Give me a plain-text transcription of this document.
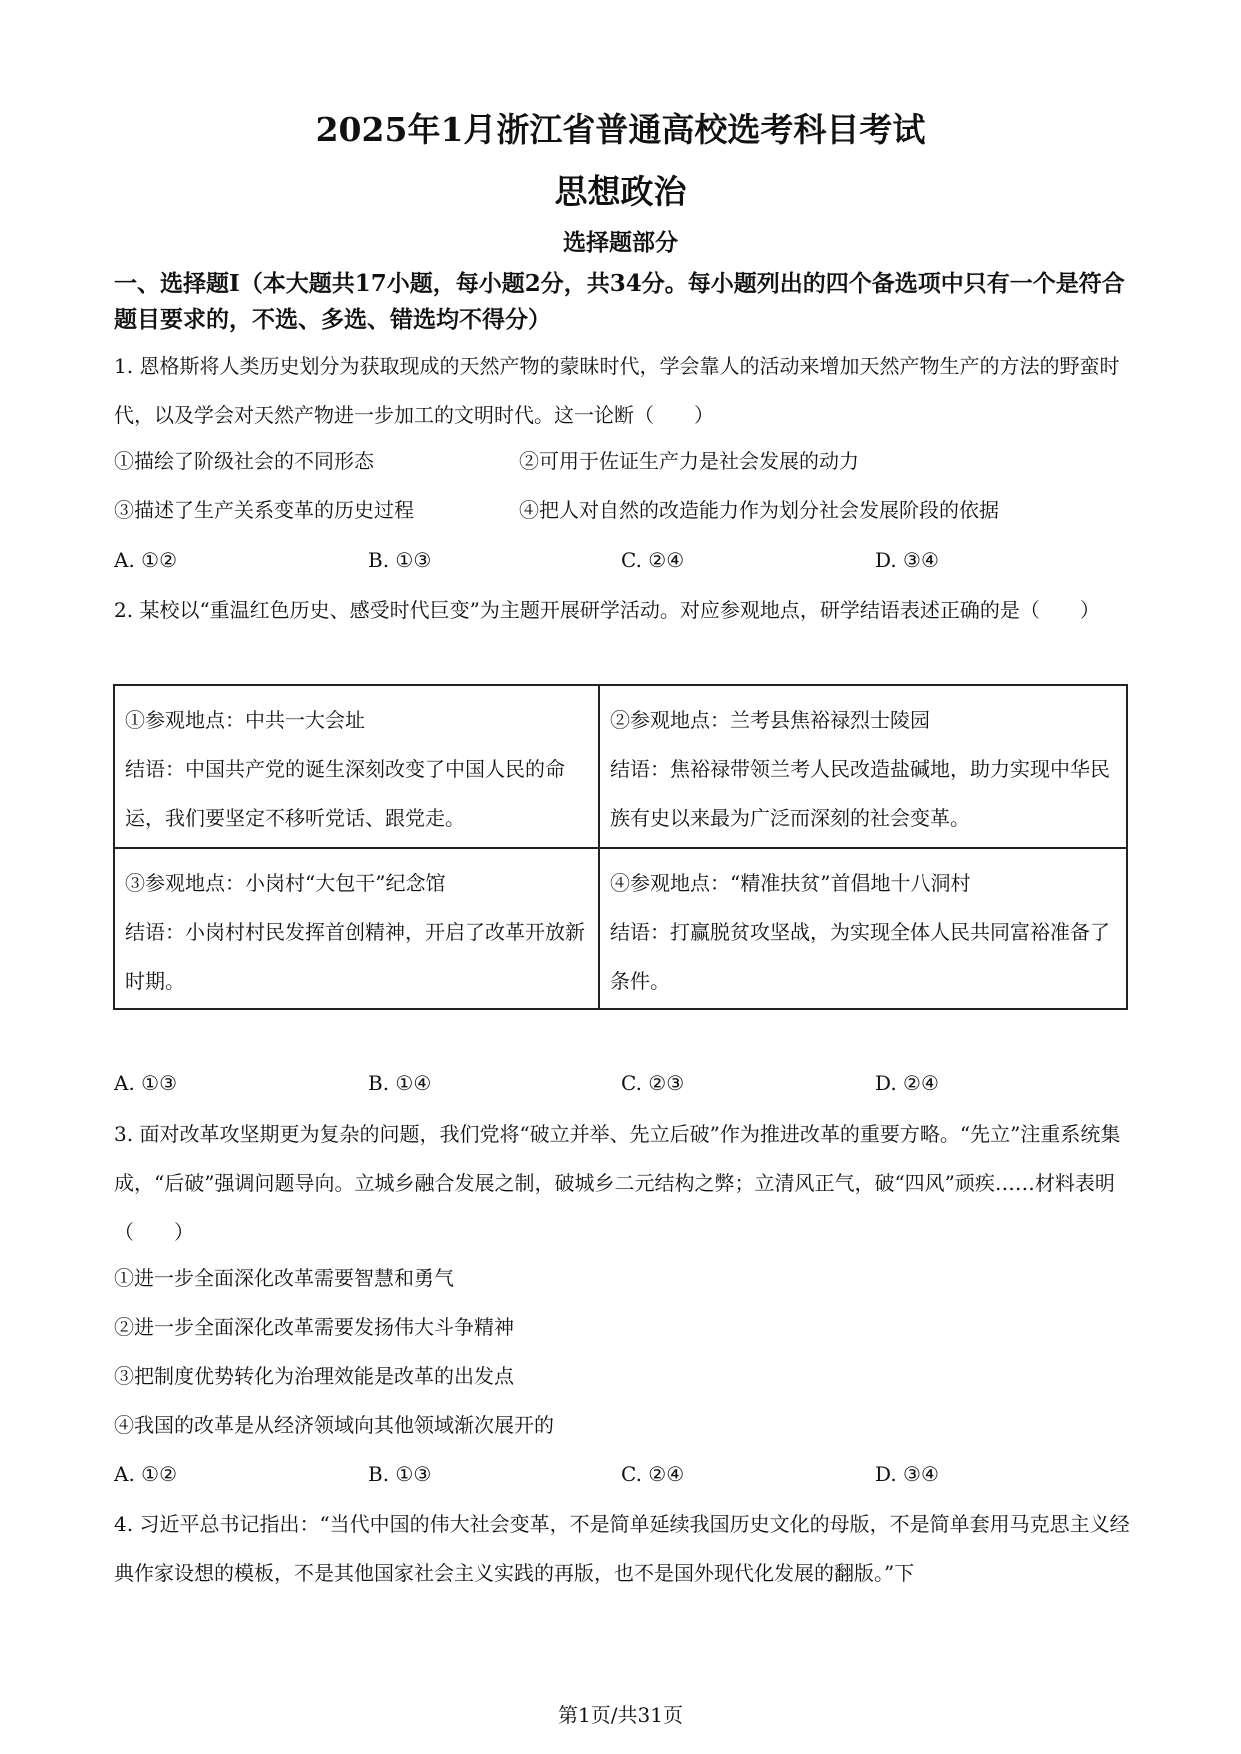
2025年1月浙江省普通高校选考科目考试
思想政治
选择题部分
一、选择题Ⅰ（本大题共17小题，每小题2分，共34分。每小题列出的四个备选项中只有一个是符合题目要求的，不选、多选、错选均不得分）
1. 恩格斯将人类历史划分为获取现成的天然产物的蒙昧时代，学会靠人的活动来增加天然产物生产的方法的野蛮时代，以及学会对天然产物进一步加工的文明时代。这一论断（　　）
①描绘了阶级社会的不同形态	②可用于佐证生产力是社会发展的动力
③描述了生产关系变革的历史过程	④把人对自然的改造能力作为划分社会发展阶段的依据
A. ①②	B. ①③	C. ②④	D. ③④
2. 某校以“重温红色历史、感受时代巨变”为主题开展研学活动。对应参观地点，研学结语表述正确的是（　　）
①参观地点：中共一大会址
结语：中国共产党的诞生深刻改变了中国人民的命运，我们要坚定不移听党话、跟党走。
②参观地点：兰考县焦裕禄烈士陵园
结语：焦裕禄带领兰考人民改造盐碱地，助力实现中华民族有史以来最为广泛而深刻的社会变革。
③参观地点：小岗村“大包干”纪念馆
结语：小岗村村民发挥首创精神，开启了改革开放新时期。
④参观地点：“精准扶贫”首倡地十八洞村
结语：打赢脱贫攻坚战，为实现全体人民共同富裕准备了条件。
A. ①③	B. ①④	C. ②③	D. ②④
3. 面对改革攻坚期更为复杂的问题，我们党将“破立并举、先立后破”作为推进改革的重要方略。“先立”注重系统集成，“后破”强调问题导向。立城乡融合发展之制，破城乡二元结构之弊；立清风正气，破“四风”顽疾……材料表明（　　）
①进一步全面深化改革需要智慧和勇气
②进一步全面深化改革需要发扬伟大斗争精神
③把制度优势转化为治理效能是改革的出发点
④我国的改革是从经济领域向其他领域渐次展开的
A. ①②	B. ①③	C. ②④	D. ③④
4. 习近平总书记指出：“当代中国的伟大社会变革，不是简单延续我国历史文化的母版，不是简单套用马克思主义经典作家设想的模板，不是其他国家社会主义实践的再版，也不是国外现代化发展的翻版。”下
第1页/共31页
